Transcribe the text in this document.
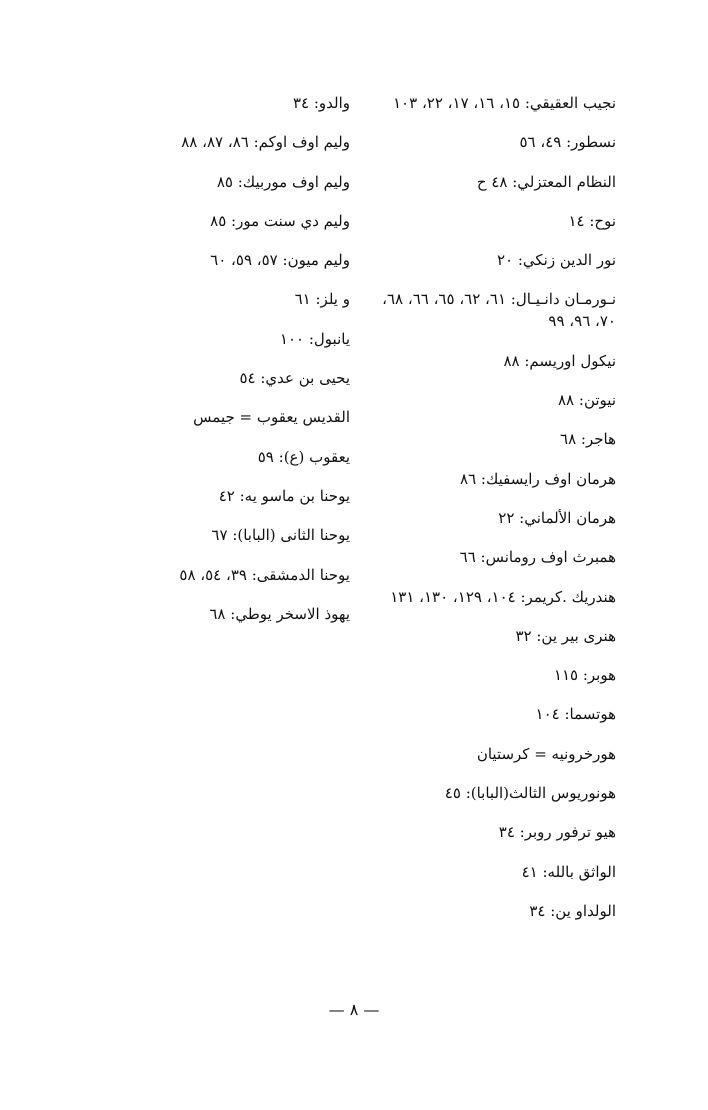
نجيب العقيقي: ١٥، ١٦، ١٧، ٢٢، ١٠٣
نسطور: ٤٩، ٥٦
النظام المعتزلي: ٤٨ ح
نوح: ١٤
نور الدين زنكي: ٢٠
نـورمـان دانـيـال: ٦١، ٦٢، ٦٥، ٦٦، ٦٨، ٧٠، ٩٦، ٩٩
نيكول اوريسم: ٨٨
نيوتن: ٨٨
هاجر: ٦٨
هرمان اوف رايسفيك: ٨٦
هرمان الألماني: ٢٢
همبرث اوف رومانس: ٦٦
هندريك .كريمر: ١٠٤، ١٢٩، ١٣٠، ١٣١
هنرى بير ين: ٣٢
هوبر: ١١٥
هوتسما: ١٠٤
هورخرونيه = كرستيان
هونوريوس الثالث(البابا): ٤٥
هيو ترفور روبر: ٣٤
الواثق بالله: ٤١
الولداو ين: ٣٤
والدو: ٣٤
وليم اوف اوكم: ٨٦، ٨٧، ٨٨
وليم اوف موربيك: ٨٥
وليم دي سنت مور: ٨٥
وليم ميون: ٥٧، ٥٩، ٦٠
و يلز: ٦١
يانبول: ١٠٠
يحيى بن عدي: ٥٤
القديس يعقوب = جيمس
يعقوب (ع): ٥٩
يوحنا بن ماسو يه: ٤٢
يوحنا الثانى (البابا): ٦٧
يوحنا الدمشقى: ٣٩، ٥٤، ٥٨
يهوذ الاسخر يوطي: ٦٨
— ٨ —
